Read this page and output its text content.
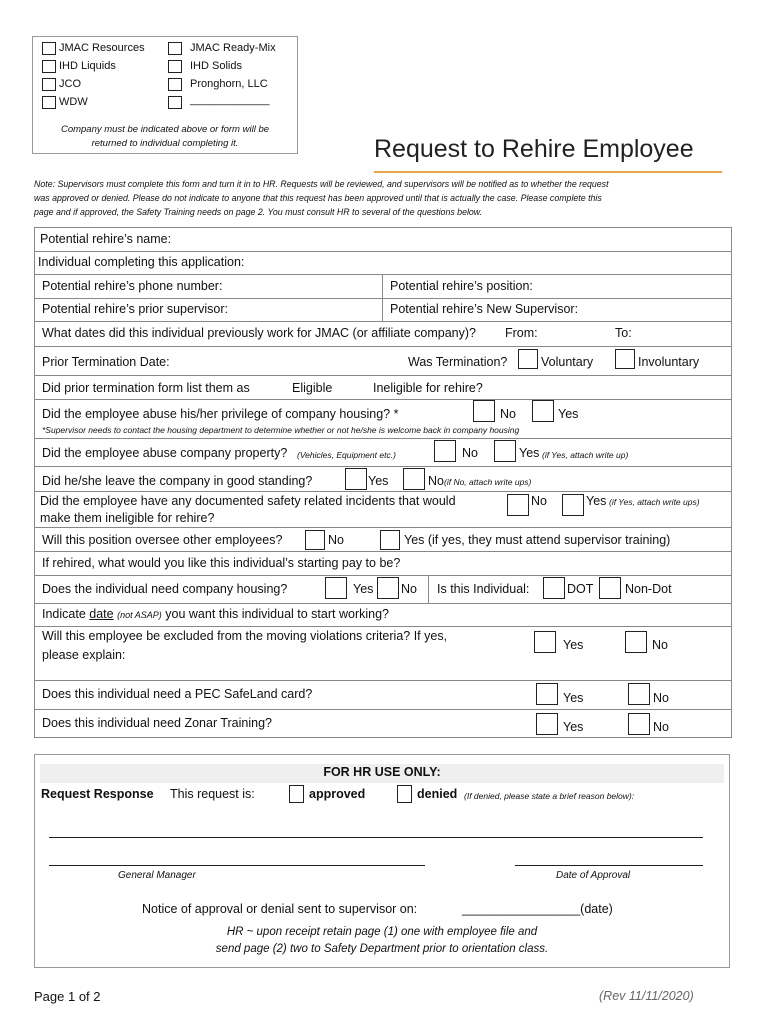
JMAC Resources
IHD Liquids
JCO
WDW
JMAC Ready-Mix
IHD Solids
Pronghorn, LLC
_____________
Company must be indicated above or form will be
returned to individual completing it.	Request to Rehire Employee
Note: Supervisors must complete this form and turn it in to HR. Requests will be reviewed, and supervisors will be notified as to whether the request
was approved or denied. Please do not indicate to anyone that this request has been approved until that is actually the case. Please complete this
page and if approved, the Safety Training needs on page 2. You must consult HR to several of the questions below.
Potential rehire’s name:
Individual completing this application:
Potential rehire’s phone number:	Potential rehire’s position:
Potential rehire’s prior supervisor:	Potential rehire’s New Supervisor:
What dates did this individual previously work for JMAC (or affiliate company)? From:	To:
Prior Termination Date:	Was Termination?	Voluntary	Involuntary
Did prior termination form list them as	Eligible	Ineligible for rehire?
Did the employee abuse his/her privilege of company housing? *	No	Yes
*Supervisor needs to contact the housing department to determine whether or not he/she is welcome back in company housing
Did the employee abuse company property? (Vehicles, Equipment etc.)	No	Yes (if Yes, attach write up)
Did he/she leave the company in good standing?	Yes	No (if No, attach write ups)
Did the employee have any documented safety related incidents that would
make them ineligible for rehire?
No	Yes (if Yes, attach write ups)
Will this position oversee other employees?	No	Yes (if yes, they must attend supervisor training)
If rehired, what would you like this individual’s starting pay to be?
Does the individual need company housing?	Yes No Is this Individual:	DOT	Non-Dot
Indicate date (not ASAP) you want this individual to start working?
Will this employee be excluded from the moving violations criteria? If yes,
please explain:
Yes	No
Does this individual need a PEC SafeLand card?	Yes	No
Does this individual need Zonar Training?	Yes	No
FOR HR USE ONLY:
Request Response This request is:	approved	denied (If denied, please state a brief reason below):
General Manager	Date of Approval
Notice of approval or denial sent to supervisor on:	_________________(date)
HR ~ upon receipt retain page (1) one with employee file and
send page (2) two to Safety Department prior to orientation class.
Page 1 of 2	(Rev 11/11/2020)
